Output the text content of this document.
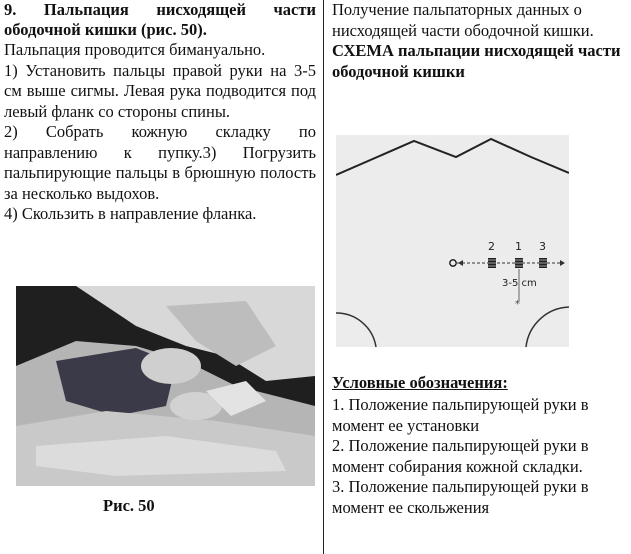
9. Пальпация нисходящей части ободочной кишки (рис. 50).

Пальпация проводится бимануально.

1) Установить пальцы правой руки на 3-5 см выше сигмы. Левая рука подводится под левый фланк со стороны спины.

2) Собрать кожную складку по направлению к пупку.3) Погрузить пальпирующие пальцы в брюшную полость за несколько выдохов.

4) Скользить в направление фланка.

Рис. 50

Получение пальпаторных данных о нисходящей части ободочной кишки.

СХЕМА пальпации нисходящей части ободочной кишки

2 1 3
3-5 cm
*
Условные обозначения:
1. Положение пальпирующей руки в момент ее установки
2. Положение пальпирующей руки в момент собирания кожной складки.
3. Положение пальпирующей руки в момент ее скольжения
